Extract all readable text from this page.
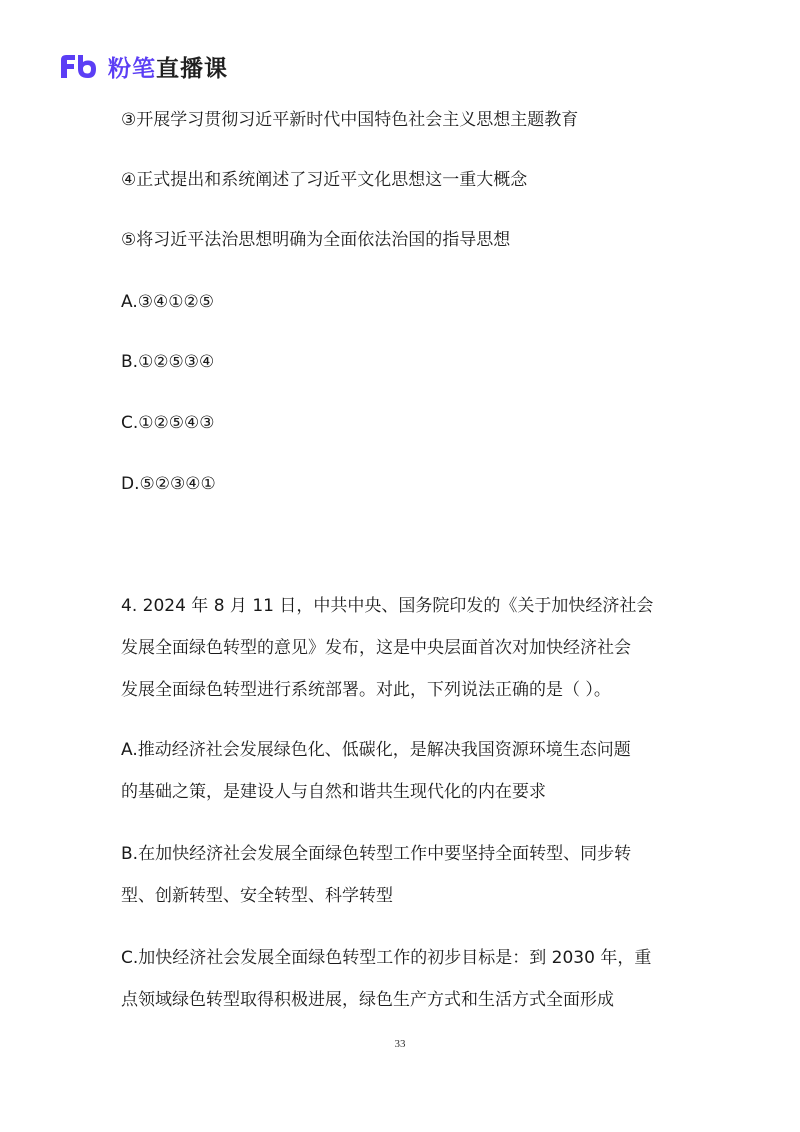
粉笔直播课
③开展学习贯彻习近平新时代中国特色社会主义思想主题教育
④正式提出和系统阐述了习近平文化思想这一重大概念
⑤将习近平法治思想明确为全面依法治国的指导思想
A.③④①②⑤
B.①②⑤③④
C.①②⑤④③
D.⑤②③④①
4. 2024 年 8 月 11 日，中共中央、国务院印发的《关于加快经济社会
发展全面绿色转型的意见》发布，这是中央层面首次对加快经济社会
发展全面绿色转型进行系统部署。对此，下列说法正确的是（ ）。
A.推动经济社会发展绿色化、低碳化，是解决我国资源环境生态问题
的基础之策，是建设人与自然和谐共生现代化的内在要求
B.在加快经济社会发展全面绿色转型工作中要坚持全面转型、同步转
型、创新转型、安全转型、科学转型
C.加快经济社会发展全面绿色转型工作的初步目标是：到 2030 年，重
点领域绿色转型取得积极进展，绿色生产方式和生活方式全面形成
33
